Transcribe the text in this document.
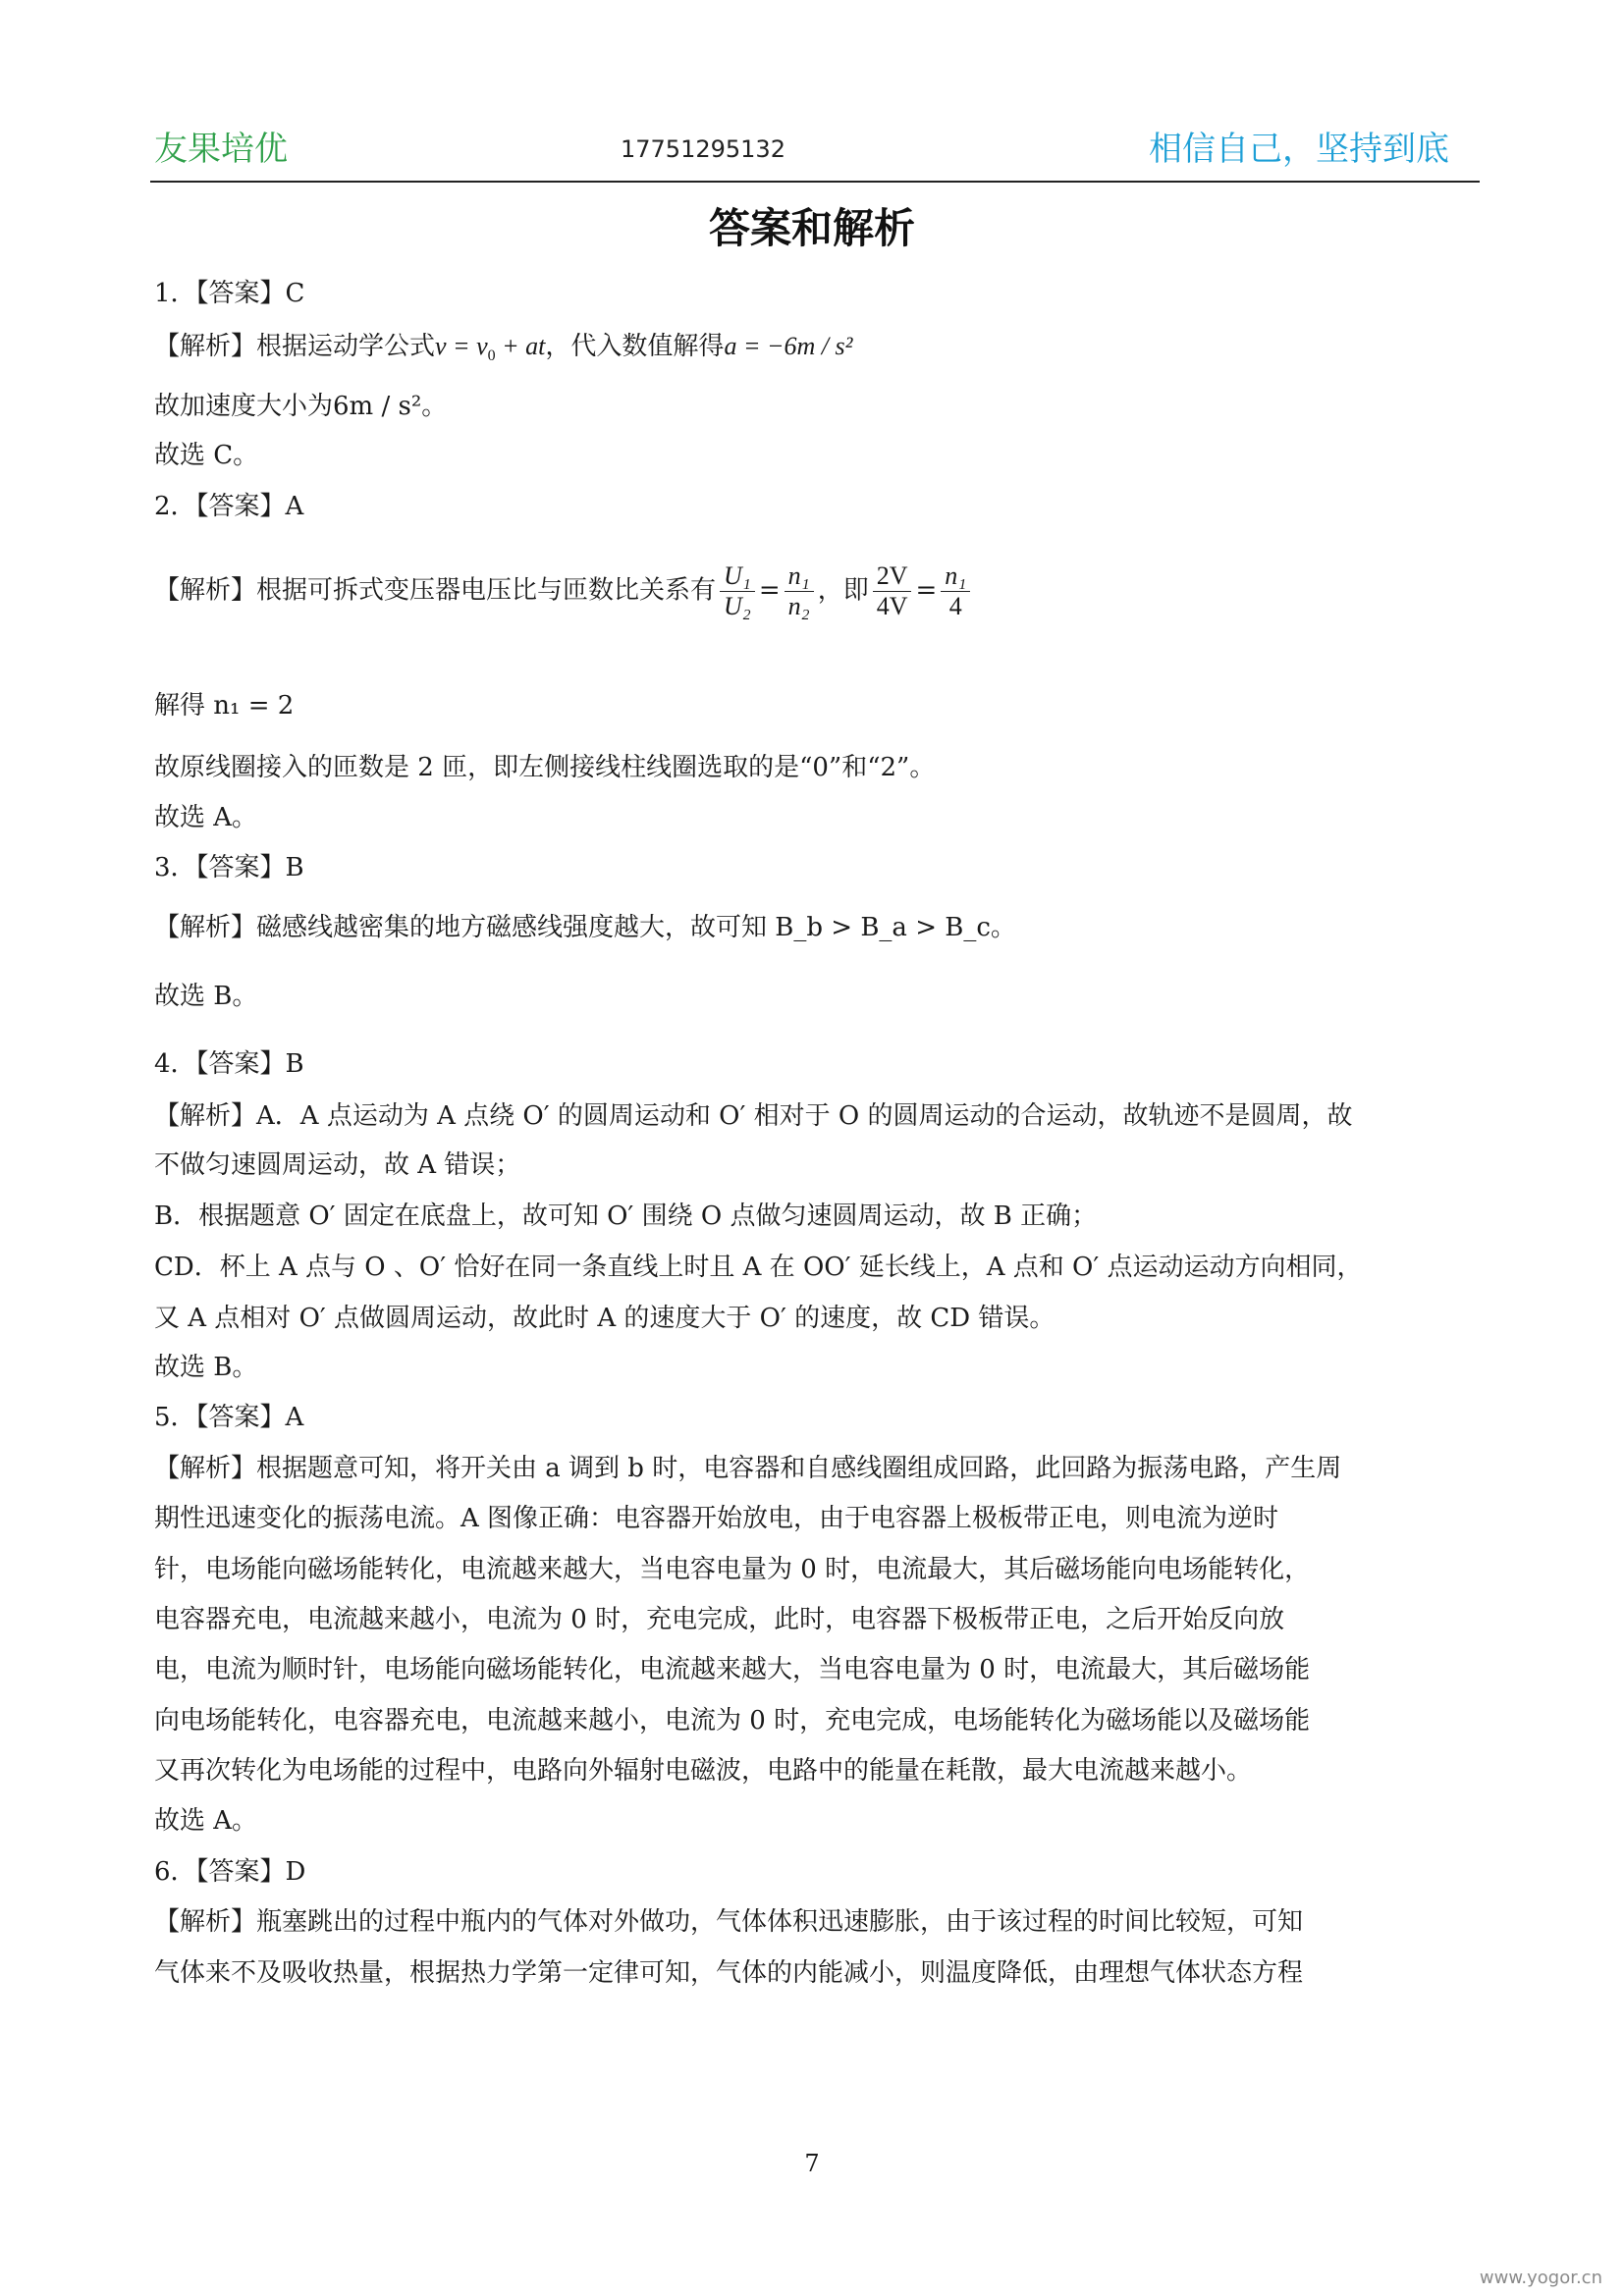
友果培优	17751295132	相信自己，坚持到底
答案和解析
1．【答案】C
【解析】根据运动学公式$v = v_0$ + at，代入数值解得a = −6m / s²
故加速度大小为6m / s²。
故选 C。
2．【答案】A
【解析】根据可拆式变压器电压比与匝数比关系有 $\frac{\text{U₁}}{\text{U₂}} = \frac{\text{n₁}}{\text{n₂}}$ ，即 $\frac{2V}{4V} = \frac{\text{n₁}}{4}$
解得 n₁ = 2
故原线圈接入的匝数是 2 匝，即左侧接线柱线圈选取的是“0”和“2”。
故选 A。
3．【答案】B
【解析】磁感线越密集的地方磁感线强度越大，故可知 B_b > B_a > B_c。
故选 B。
4．【答案】B
【解析】A．A 点运动为 A 点绕 O′ 的圆周运动和 O′ 相对于 O 的圆周运动的合运动，故轨迹不是圆周，故
不做匀速圆周运动，故 A 错误；
B．根据题意 O′ 固定在底盘上，故可知 O′ 围绕 O 点做匀速圆周运动，故 B 正确；
CD．杯上 A 点与 O 、O′ 恰好在同一条直线上时且 A 在 OO′ 延长线上，A 点和 O′ 点运动运动方向相同，
又 A 点相对 O′ 点做圆周运动，故此时 A 的速度大于 O′ 的速度，故 CD 错误。
故选 B。
5．【答案】A
【解析】根据题意可知，将开关由 a 调到 b 时，电容器和自感线圈组成回路，此回路为振荡电路，产生周
期性迅速变化的振荡电流。A 图像正确：电容器开始放电，由于电容器上极板带正电，则电流为逆时
针，电场能向磁场能转化，电流越来越大，当电容电量为 0 时，电流最大，其后磁场能向电场能转化，
电容器充电，电流越来越小，电流为 0 时，充电完成，此时，电容器下极板带正电，之后开始反向放
电，电流为顺时针，电场能向磁场能转化，电流越来越大，当电容电量为 0 时，电流最大，其后磁场能
向电场能转化，电容器充电，电流越来越小，电流为 0 时，充电完成，电场能转化为磁场能以及磁场能
又再次转化为电场能的过程中，电路向外辐射电磁波，电路中的能量在耗散，最大电流越来越小。
故选 A。
6．【答案】D
【解析】瓶塞跳出的过程中瓶内的气体对外做功，气体体积迅速膨胀，由于该过程的时间比较短，可知
气体来不及吸收热量，根据热力学第一定律可知，气体的内能减小，则温度降低，由理想气体状态方程
7
www.yogor.cn
